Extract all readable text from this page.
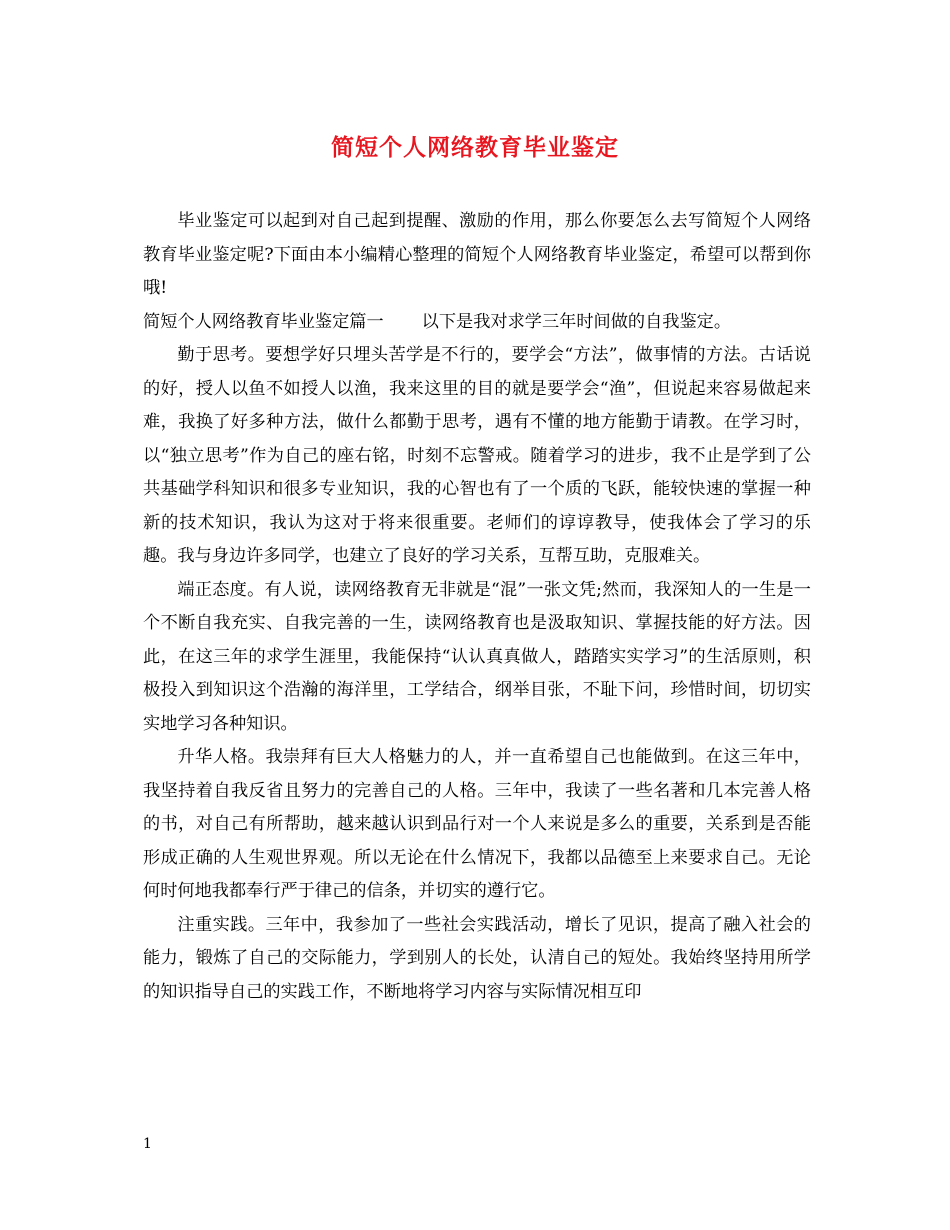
简短个人网络教育毕业鉴定

毕业鉴定可以起到对自己起到提醒、激励的作用，那么你要怎么去写简短个人网络教育毕业鉴定呢?下面由本小编精心整理的简短个人网络教育毕业鉴定，希望可以帮到你哦!

简短个人网络教育毕业鉴定篇一 以下是我对求学三年时间做的自我鉴定。

勤于思考。要想学好只埋头苦学是不行的，要学会“方法”，做事情的方法。古话说的好，授人以鱼不如授人以渔，我来这里的目的就是要学会“渔”，但说起来容易做起来难，我换了好多种方法，做什么都勤于思考，遇有不懂的地方能勤于请教。在学习时，以“独立思考”作为自己的座右铭，时刻不忘警戒。随着学习的进步，我不止是学到了公共基础学科知识和很多专业知识，我的心智也有了一个质的飞跃，能较快速的掌握一种新的技术知识，我认为这对于将来很重要。老师们的谆谆教导，使我体会了学习的乐趣。我与身边许多同学，也建立了良好的学习关系，互帮互助，克服难关。

端正态度。有人说，读网络教育无非就是“混”一张文凭;然而，我深知人的一生是一个不断自我充实、自我完善的一生，读网络教育也是汲取知识、掌握技能的好方法。因此，在这三年的求学生涯里，我能保持“认认真真做人，踏踏实实学习”的生活原则，积极投入到知识这个浩瀚的海洋里，工学结合，纲举目张，不耻下问，珍惜时间，切切实实地学习各种知识。

升华人格。我崇拜有巨大人格魅力的人，并一直希望自己也能做到。在这三年中，我坚持着自我反省且努力的完善自己的人格。三年中，我读了一些名著和几本完善人格的书，对自己有所帮助，越来越认识到品行对一个人来说是多么的重要，关系到是否能形成正确的人生观世界观。所以无论在什么情况下，我都以品德至上来要求自己。无论何时何地我都奉行严于律己的信条，并切实的遵行它。

注重实践。三年中，我参加了一些社会实践活动，增长了见识，提高了融入社会的能力，锻炼了自己的交际能力，学到别人的长处，认清自己的短处。我始终坚持用所学的知识指导自己的实践工作，不断地将学习内容与实际情况相互印

1
